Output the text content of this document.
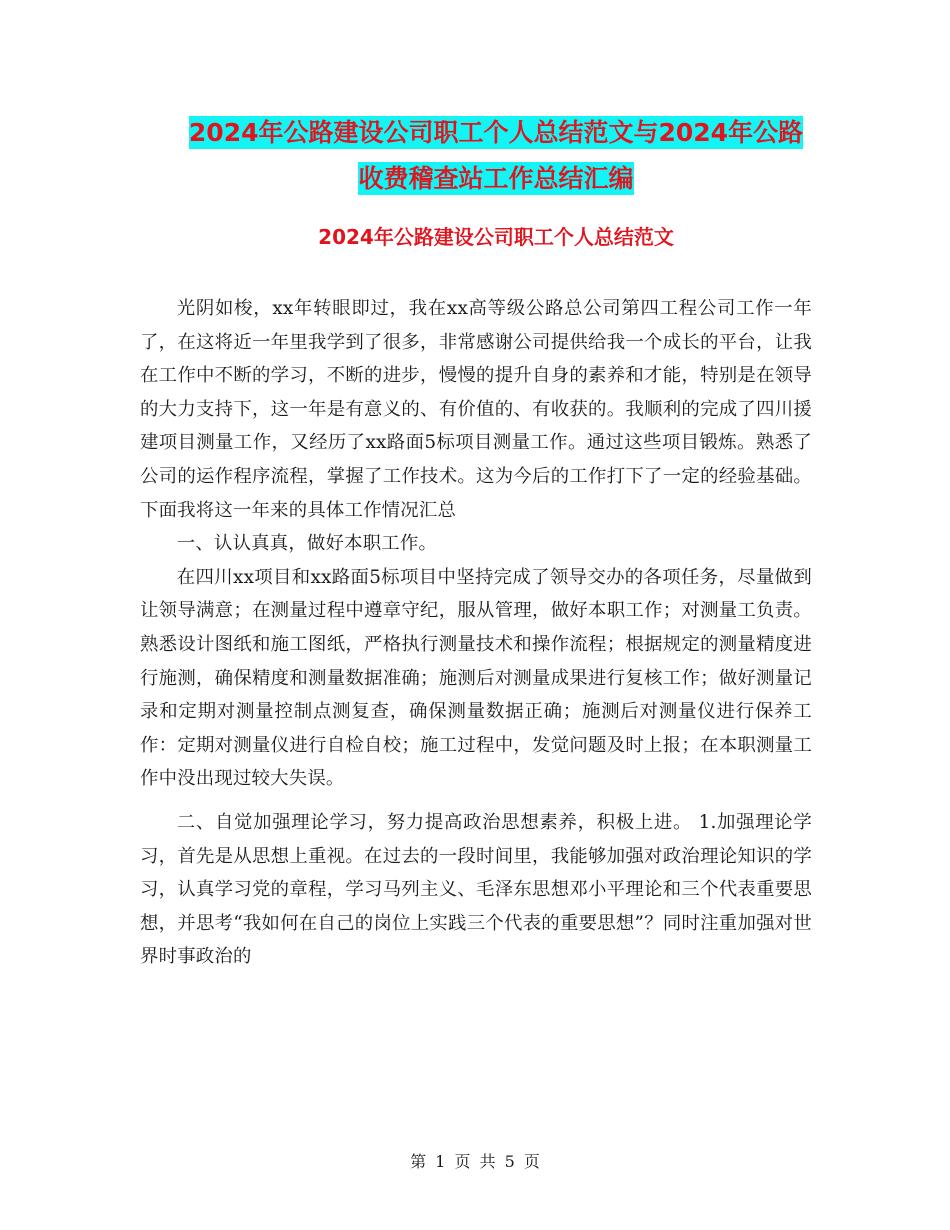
2024年公路建设公司职工个人总结范文与2024年公路
收费稽查站工作总结汇编
2024年公路建设公司职工个人总结范文

光阴如梭，xx年转眼即过，我在xx高等级公路总公司第四工程公司工作一年了，在这将近一年里我学到了很多，非常感谢公司提供给我一个成长的平台，让我在工作中不断的学习，不断的进步，慢慢的提升自身的素养和才能，特别是在领导的大力支持下，这一年是有意义的、有价值的、有收获的。我顺利的完成了四川援建项目测量工作，又经历了xx路面5标项目测量工作。通过这些项目锻炼。熟悉了公司的运作程序流程，掌握了工作技术。这为今后的工作打下了一定的经验基础。下面我将这一年来的具体工作情况汇总

一、认认真真，做好本职工作。

在四川xx项目和xx路面5标项目中坚持完成了领导交办的各项任务，尽量做到让领导满意；在测量过程中遵章守纪，服从管理，做好本职工作；对测量工负责。熟悉设计图纸和施工图纸，严格执行测量技术和操作流程；根据规定的测量精度进行施测，确保精度和测量数据准确；施测后对测量成果进行复核工作；做好测量记录和定期对测量控制点测复查，确保测量数据正确；施测后对测量仪进行保养工作：定期对测量仪进行自检自校；施工过程中，发觉问题及时上报；在本职测量工作中没出现过较大失误。

二、自觉加强理论学习，努力提高政治思想素养，积极上进。 1.加强理论学习，首先是从思想上重视。在过去的一段时间里，我能够加强对政治理论知识的学习，认真学习党的章程，学习马列主义、毛泽东思想邓小平理论和三个代表重要思想，并思考“我如何在自己的岗位上实践三个代表的重要思想”？同时注重加强对世界时事政治的

第 1 页 共 5 页
